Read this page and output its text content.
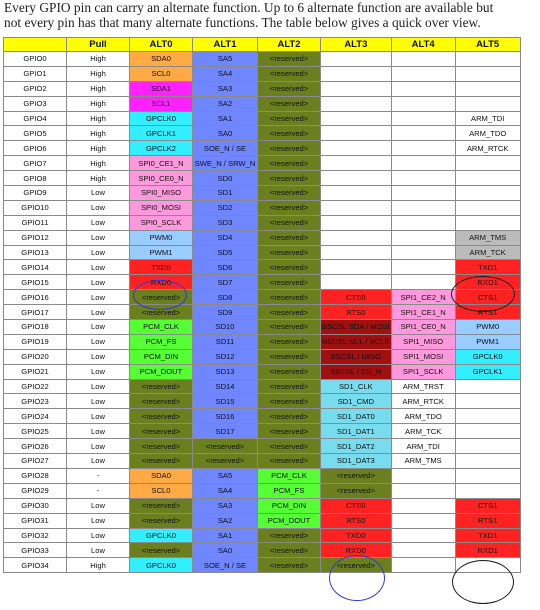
Every GPIO pin can carry an alternate function. Up to 6 alternate function are available but
not every pin has that many alternate functions. The table below gives a quick over view.
	Pull	ALT0	ALT1	ALT2	ALT3	ALT4	ALT5
GPIO0	High	SDA0	SA5	<reserved>			
GPIO1	High	SCL0	SA4	<reserved>			
GPIO2	High	SDA1	SA3	<reserved>			
GPIO3	High	SCL1	SA2	<reserved>			
GPIO4	High	GPCLK0	SA1	<reserved>			ARM_TDI
GPIO5	High	GPCLK1	SA0	<reserved>			ARM_TDO
GPIO6	High	GPCLK2	SOE_N / SE	<reserved>			ARM_RTCK
GPIO7	High	SPI0_CE1_N	SWE_N / SRW_N	<reserved>			
GPIO8	High	SPI0_CE0_N	SD0	<reserved>			
GPIO9	Low	SPI0_MISO	SD1	<reserved>			
GPIO10	Low	SPI0_MOSI	SD2	<reserved>			
GPIO11	Low	SPI0_SCLK	SD3	<reserved>			
GPIO12	Low	PWM0	SD4	<reserved>			ARM_TMS
GPIO13	Low	PWM1	SD5	<reserved>			ARM_TCK
GPIO14	Low	TXD0	SD6	<reserved>			TXD1
GPIO15	Low	RXD0	SD7	<reserved>			RXD1
GPIO16	Low	<reserved>	SD8	<reserved>	CTS0	SPI1_CE2_N	CTS1
GPIO17	Low	<reserved>	SD9	<reserved>	RTS0	SPI1_CE1_N	RTS1
GPIO18	Low	PCM_CLK	SD10	<reserved>	BSCSL SDA / MOSI	SPI1_CE0_N	PWM0
GPIO19	Low	PCM_FS	SD11	<reserved>	BSCSL SCL / SCLK	SPI1_MISO	PWM1
GPIO20	Low	PCM_DIN	SD12	<reserved>	BSCSL / MISO	SPI1_MOSI	GPCLK0
GPIO21	Low	PCM_DOUT	SD13	<reserved>	BSCSL / CE_N	SPI1_SCLK	GPCLK1
GPIO22	Low	<reserved>	SD14	<reserved>	SD1_CLK	ARM_TRST	
GPIO23	Low	<reserved>	SD15	<reserved>	SD1_CMD	ARM_RTCK	
GPIO24	Low	<reserved>	SD16	<reserved>	SD1_DAT0	ARM_TDO	
GPIO25	Low	<reserved>	SD17	<reserved>	SD1_DAT1	ARM_TCK	
GPIO26	Low	<reserved>	<reserved>	<reserved>	SD1_DAT2	ARM_TDI	
GPIO27	Low	<reserved>	<reserved>	<reserved>	SD1_DAT3	ARM_TMS	
GPIO28	-	SDA0	SA5	PCM_CLK	<reserved>		
GPIO29	-	SCL0	SA4	PCM_FS	<reserved>		
GPIO30	Low	<reserved>	SA3	PCM_DIN	CTS0		CTS1
GPIO31	Low	<reserved>	SA2	PCM_DOUT	RTS0		RTS1
GPIO32	Low	GPCLK0	SA1	<reserved>	TXD0		TXD1
GPIO33	Low	<reserved>	SA0	<reserved>	RXD0		RXD1
GPIO34	High	GPCLK0	SOE_N / SE	<reserved>	<reserved>		
